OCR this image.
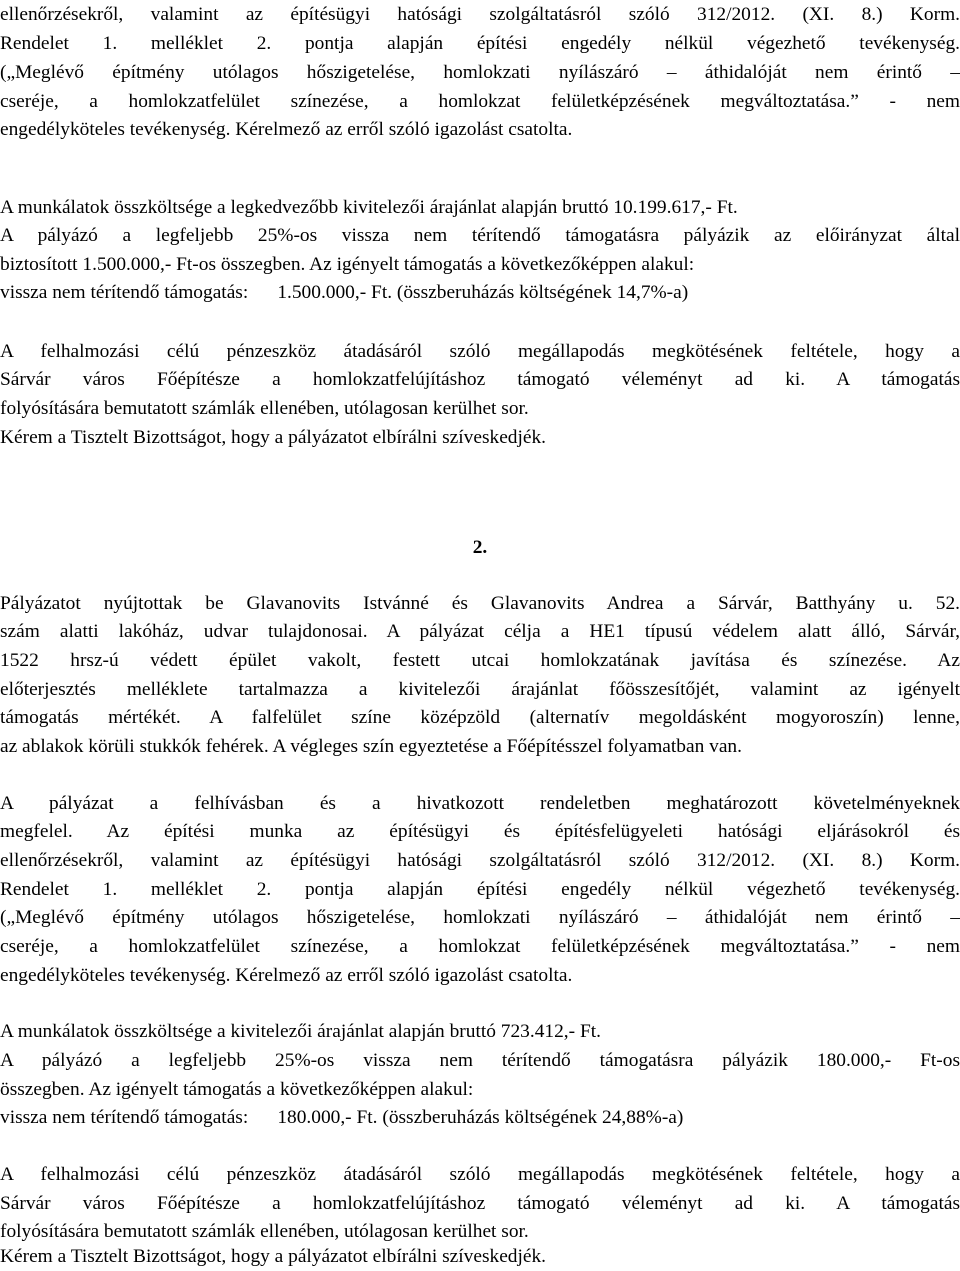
ellenőrzésekről, valamint az építésügyi hatósági szolgáltatásról szóló 312/2012. (XI. 8.) Korm.
Rendelet 1. melléklet 2. pontja alapján építési engedély nélkül végezhető tevékenység.
(„Meglévő építmény utólagos hőszigetelése, homlokzati nyílászáró – áthidalóját nem érintő –
cseréje, a homlokzatfelület színezése, a homlokzat felületképzésének megváltoztatása.” - nem
engedélyköteles tevékenység. Kérelmező az erről szóló igazolást csatolta.
A munkálatok összköltsége a legkedvezőbb kivitelezői árajánlat alapján bruttó 10.199.617,- Ft.
A pályázó a legfeljebb 25%-os vissza nem térítendő támogatásra pályázik az előirányzat által
biztosított 1.500.000,- Ft-os összegben. Az igényelt támogatás a következőképpen alakul:
vissza nem térítendő támogatás:      1.500.000,- Ft. (összberuházás költségének 14,7%-a)
A felhalmozási célú pénzeszköz átadásáról szóló megállapodás megkötésének feltétele, hogy a
Sárvár város Főépítésze a homlokzatfelújításhoz támogató véleményt ad ki. A támogatás
folyósítására bemutatott számlák ellenében, utólagosan kerülhet sor.
Kérem a Tisztelt Bizottságot, hogy a pályázatot elbírálni szíveskedjék.
2.
Pályázatot nyújtottak be Glavanovits Istvánné és Glavanovits Andrea a Sárvár, Batthyány u. 52.
szám alatti lakóház, udvar tulajdonosai. A pályázat célja a HE1 típusú védelem alatt álló, Sárvár,
1522 hrsz-ú védett épület vakolt, festett utcai homlokzatának javítása és színezése. Az
előterjesztés melléklete tartalmazza a kivitelezői árajánlat főösszesítőjét, valamint az igényelt
támogatás mértékét. A falfelület színe középzöld (alternatív megoldásként mogyoroszín) lenne,
az ablakok körüli stukkók fehérek. A végleges szín egyeztetése a Főépítésszel folyamatban van.
A pályázat a felhívásban és a hivatkozott rendeletben meghatározott követelményeknek
megfelel. Az építési munka az építésügyi és építésfelügyeleti hatósági eljárásokról és
ellenőrzésekről, valamint az építésügyi hatósági szolgáltatásról szóló 312/2012. (XI. 8.) Korm.
Rendelet 1. melléklet 2. pontja alapján építési engedély nélkül végezhető tevékenység.
(„Meglévő építmény utólagos hőszigetelése, homlokzati nyílászáró – áthidalóját nem érintő –
cseréje, a homlokzatfelület színezése, a homlokzat felületképzésének megváltoztatása.” - nem
engedélyköteles tevékenység. Kérelmező az erről szóló igazolást csatolta.
A munkálatok összköltsége a kivitelezői árajánlat alapján bruttó 723.412,- Ft.
A pályázó a legfeljebb 25%-os vissza nem térítendő támogatásra pályázik 180.000,- Ft-os
összegben. Az igényelt támogatás a következőképpen alakul:
vissza nem térítendő támogatás:      180.000,- Ft. (összberuházás költségének 24,88%-a)
A felhalmozási célú pénzeszköz átadásáról szóló megállapodás megkötésének feltétele, hogy a
Sárvár város Főépítésze a homlokzatfelújításhoz támogató véleményt ad ki. A támogatás
folyósítására bemutatott számlák ellenében, utólagosan kerülhet sor.
Kérem a Tisztelt Bizottságot, hogy a pályázatot elbírálni szíveskedjék.
